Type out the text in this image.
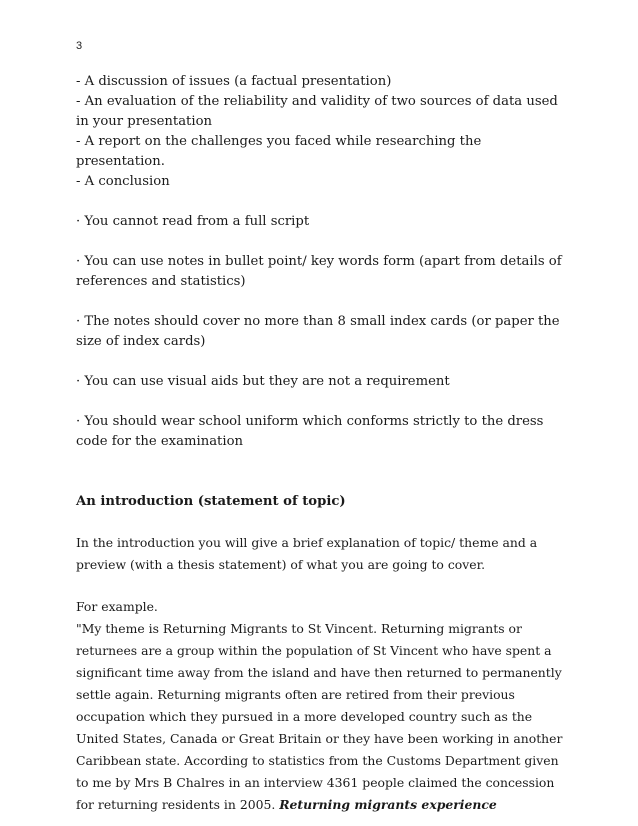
3

- A discussion of issues (a factual presentation)

- An evaluation of the reliability and validity of two sources of data used in your presentation

- A report on the challenges you faced while researching the presentation.

- A conclusion

· You cannot read from a full script

· You can use notes in bullet point/ key words form (apart from details of references and statistics)

· The notes should cover no more than 8 small index cards (or paper the size of index cards)

· You can use visual aids but they are not a requirement

· You should wear school uniform which conforms strictly to the dress code for the examination

An introduction (statement of topic)

In the introduction you will give a brief explanation of topic/ theme and a preview (with a thesis statement) of what you are going to cover.

For example.

"My theme is Returning Migrants to St Vincent. Returning migrants or returnees are a group within the population of St Vincent who have spent a significant time away from the island and have then returned to permanently settle again. Returning migrants often are retired from their previous occupation which they pursued in a more developed country such as the United States, Canada or Great Britain or they have been working in another Caribbean state. According to statistics from the Customs Department given to me by Mrs B Chalres in an interview 4361 people claimed the concession for returning residents in 2005. Returning migrants experience
